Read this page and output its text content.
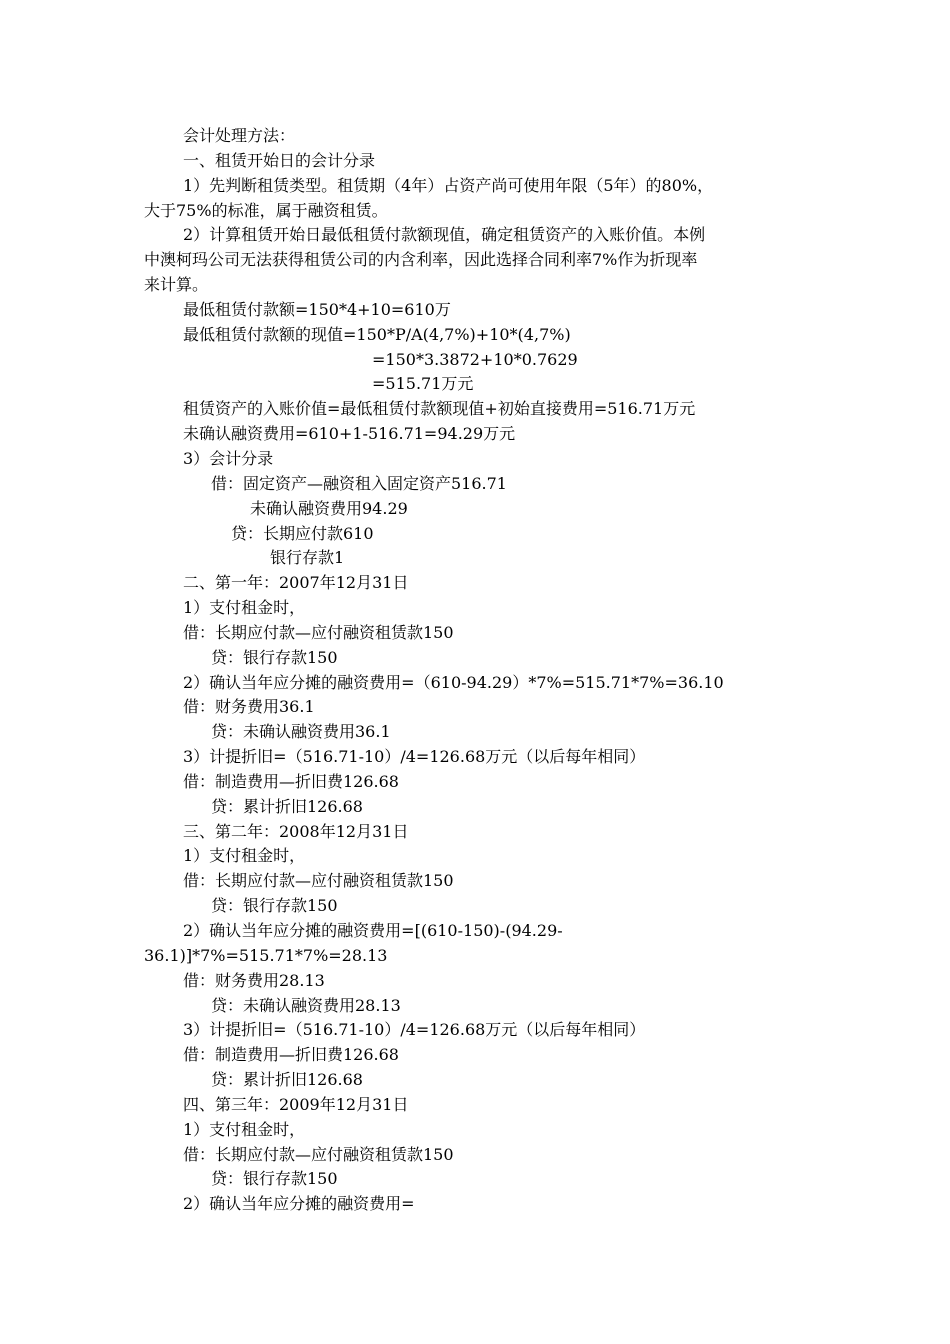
会计处理方法：
一、租赁开始日的会计分录
1）先判断租赁类型。租赁期（4年）占资产尚可使用年限（5年）的80%，
大于75%的标准，属于融资租赁。
2）计算租赁开始日最低租赁付款额现值，确定租赁资产的入账价值。本例
中澳柯玛公司无法获得租赁公司的内含利率，因此选择合同利率7%作为折现率
来计算。
最低租赁付款额=150*4+10=610万
最低租赁付款额的现值=150*P/A(4,7%)+10*(4,7%)
=150*3.3872+10*0.7629
=515.71万元
租赁资产的入账价值=最低租赁付款额现值+初始直接费用=516.71万元
未确认融资费用=610+1-516.71=94.29万元
3）会计分录
借：固定资产—融资租入固定资产516.71
未确认融资费用94.29
贷：长期应付款610
银行存款1
二、第一年：2007年12月31日
1）支付租金时，
借：长期应付款—应付融资租赁款150
贷：银行存款150
2）确认当年应分摊的融资费用=（610-94.29）*7%=515.71*7%=36.10
借：财务费用36.1
贷：未确认融资费用36.1
3）计提折旧=（516.71-10）/4=126.68万元（以后每年相同）
借：制造费用—折旧费126.68
贷：累计折旧126.68
三、第二年：2008年12月31日
1）支付租金时，
借：长期应付款—应付融资租赁款150
贷：银行存款150
2）确认当年应分摊的融资费用=[(610-150)-(94.29-
36.1)]*7%=515.71*7%=28.13
借：财务费用28.13
贷：未确认融资费用28.13
3）计提折旧=（516.71-10）/4=126.68万元（以后每年相同）
借：制造费用—折旧费126.68
贷：累计折旧126.68
四、第三年：2009年12月31日
1）支付租金时，
借：长期应付款—应付融资租赁款150
贷：银行存款150
2）确认当年应分摊的融资费用=
